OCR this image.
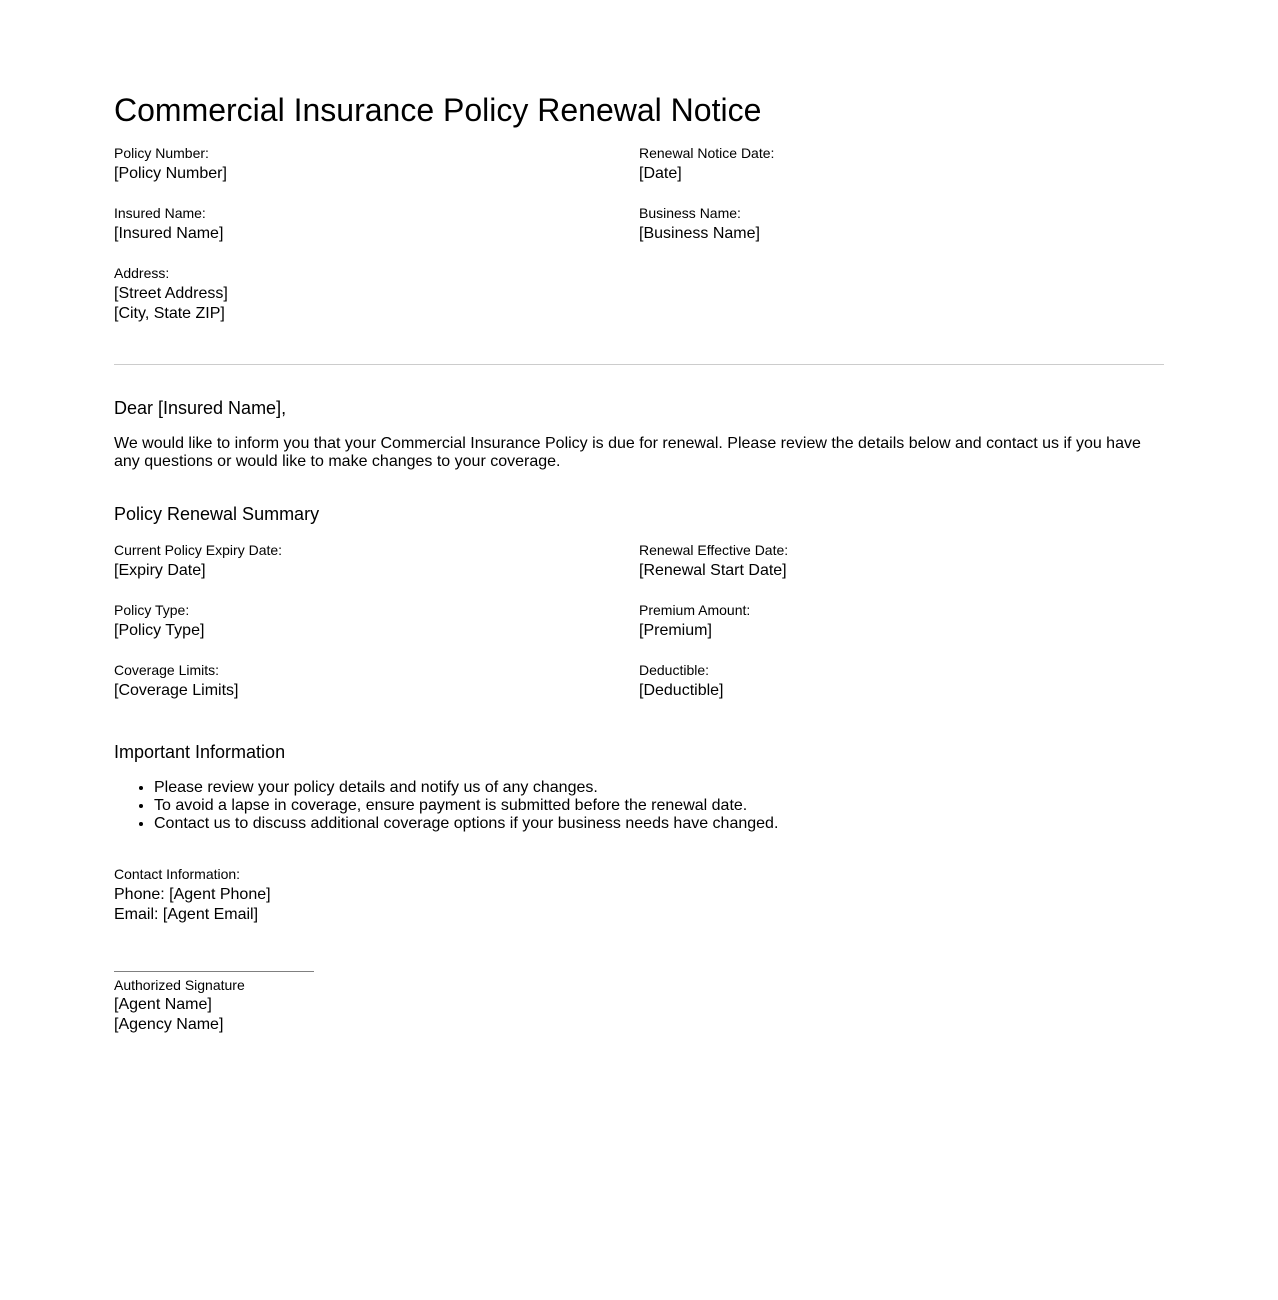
Commercial Insurance Policy Renewal Notice
Policy Number:
[Policy Number]
Renewal Notice Date:
[Date]
Insured Name:
[Insured Name]
Business Name:
[Business Name]
Address:
[Street Address]
[City, State ZIP]
Dear [Insured Name],

We would like to inform you that your Commercial Insurance Policy is due for renewal. Please review the details below and contact us if you have any questions or would like to make changes to your coverage.

Policy Renewal Summary
Current Policy Expiry Date:
[Expiry Date]
Renewal Effective Date:
[Renewal Start Date]
Policy Type:
[Policy Type]
Premium Amount:
[Premium]
Coverage Limits:
[Coverage Limits]
Deductible:
[Deductible]
Important Information
• Please review your policy details and notify us of any changes.
• To avoid a lapse in coverage, ensure payment is submitted before the renewal date.
• Contact us to discuss additional coverage options if your business needs have changed.
Contact Information:
Phone: [Agent Phone]
Email: [Agent Email]
Authorized Signature
[Agent Name]
[Agency Name]
